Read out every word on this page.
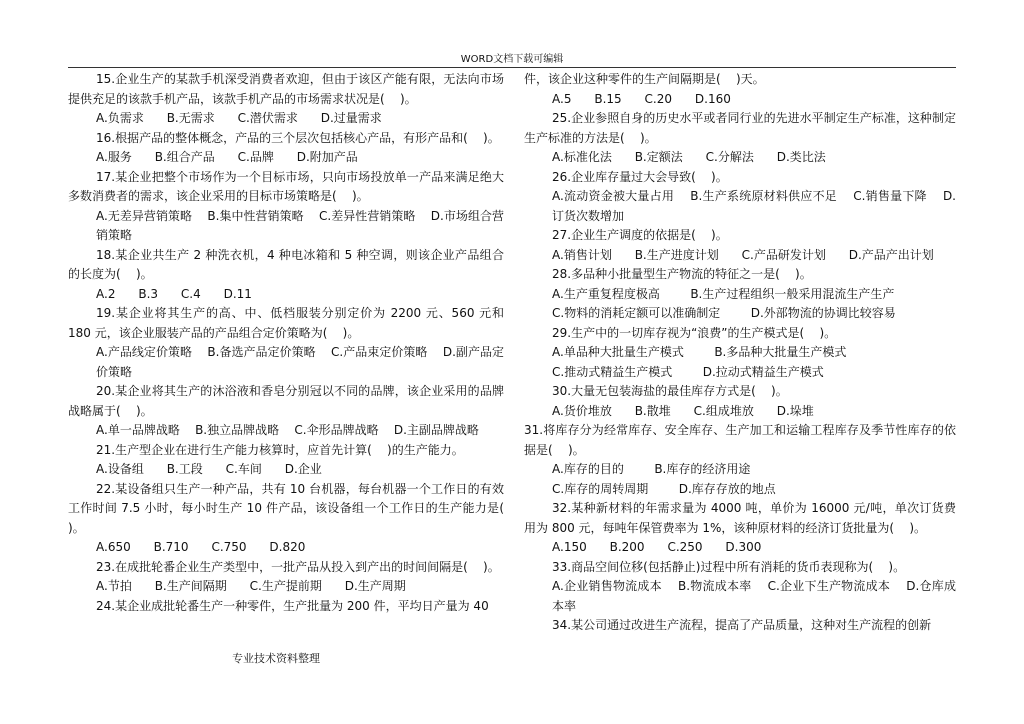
WORD文档下载可编辑

15.企业生产的某款手机深受消费者欢迎，但由于该区产能有限，无法向市场提供充足的该款手机产品，该款手机产品的市场需求状况是(    )。

A.负需求      B.无需求      C.潜伏需求      D.过量需求

16.根据产品的整体概念，产品的三个层次包括核心产品，有形产品和(    )。

A.服务      B.组合产品      C.品牌      D.附加产品

17.某企业把整个市场作为一个目标市场，只向市场投放单一产品来满足绝大多数消费者的需求，该企业采用的目标市场策略是(    )。

A.无差异营销策略    B.集中性营销策略    C.差异性营销策略    D.市场组合营销策略

18.某企业共生产 2 种洗衣机，4 种电冰箱和 5 种空调，则该企业产品组合的长度为(    )。

A.2      B.3      C.4      D.11

19.某企业将其生产的高、中、低档服装分别定价为 2200 元、560 元和 180 元，该企业服装产品的产品组合定价策略为(    )。

A.产品线定价策略    B.备选产品定价策略    C.产品束定价策略    D.副产品定价策略

20.某企业将其生产的沐浴液和香皂分别冠以不同的品牌，该企业采用的品牌战略属于(    )。

A.单一品牌战略    B.独立品牌战略    C.伞形品牌战略    D.主副品牌战略

21.生产型企业在进行生产能力核算时，应首先计算(    )的生产能力。

A.设备组      B.工段      C.车间      D.企业

22.某设备组只生产一种产品，共有 10 台机器，每台机器一个工作日的有效工作时间 7.5 小时，每小时生产 10 件产品，该设备组一个工作日的生产能力是(    )。

A.650      B.710      C.750      D.820

23.在成批轮番企业生产类型中，一批产品从投入到产出的时间间隔是(    )。

A.节拍      B.生产间隔期      C.生产提前期      D.生产周期

24.某企业成批轮番生产一种零件，生产批量为 200 件，平均日产量为 40

件，该企业这种零件的生产间隔期是(    )天。

A.5      B.15      C.20      D.160

25.企业参照自身的历史水平或者同行业的先进水平制定生产标准，这种制定生产标准的方法是(    )。

A.标准化法      B.定额法      C.分解法      D.类比法

26.企业库存量过大会导致(    )。

A.流动资金被大量占用    B.生产系统原材料供应不足    C.销售量下降    D.订货次数增加

27.企业生产调度的依据是(    )。

A.销售计划      B.生产进度计划      C.产品研发计划      D.产品产出计划

28.多品种小批量型生产物流的特征之一是(    )。

A.生产重复程度极高        B.生产过程组织一般采用混流生产生产

C.物料的消耗定额可以准确制定        D.外部物流的协调比较容易

29.生产中的一切库存视为“浪费”的生产模式是(    )。

A.单品种大批量生产模式        B.多品种大批量生产模式

C.推动式精益生产模式        D.拉动式精益生产模式

30.大量无包装海盐的最佳库存方式是(    )。

A.货价堆放      B.散堆      C.组成堆放      D.垛堆

31.将库存分为经常库存、安全库存、生产加工和运输工程库存及季节性库存的依据是(    )。

A.库存的目的        B.库存的经济用途

C.库存的周转周期        D.库存存放的地点

32.某种新材料的年需求量为 4000 吨，单价为 16000 元/吨，单次订货费用为 800 元，每吨年保管费率为 1%，该种原材料的经济订货批量为(    )。

A.150      B.200      C.250      D.300

33.商品空间位移(包括静止)过程中所有消耗的货币表现称为(    )。

A.企业销售物流成本    B.物流成本率    C.企业下生产物流成本    D.仓库成本率

34.某公司通过改进生产流程，提高了产品质量，这种对生产流程的创新

专业技术资料整理
